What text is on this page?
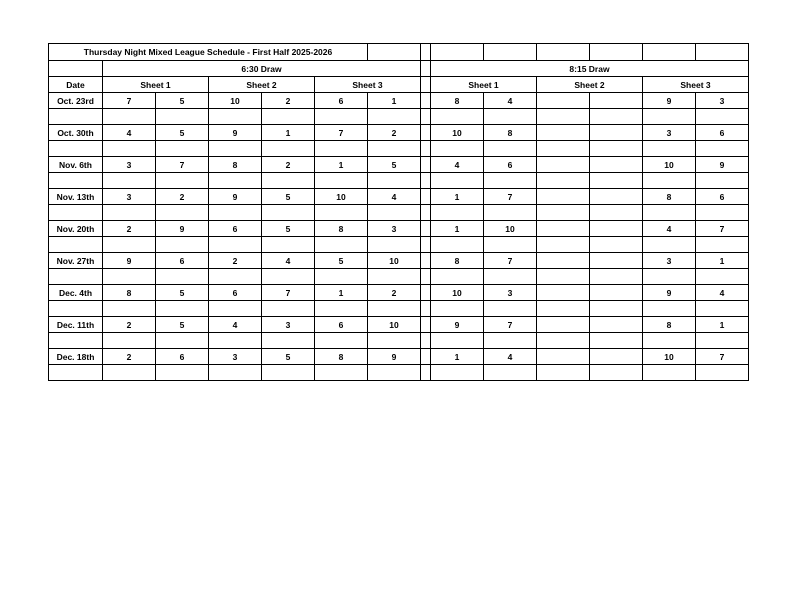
Thursday Night Mixed League Schedule - First Half 2025-2026													
	6:30 Draw							8:15 Draw					
Date	Sheet 1		Sheet 2		Sheet 3			Sheet 1		Sheet 2		Sheet 3	
Oct. 23rd	7	5	10	2	6	1		8	4			9	3

Oct. 30th	4	5	9	1	7	2		10	8			3	6

Nov. 6th	3	7	8	2	1	5		4	6			10	9

Nov. 13th	3	2	9	5	10	4		1	7			8	6

Nov. 20th	2	9	6	5	8	3		1	10			4	7

Nov. 27th	9	6	2	4	5	10		8	7			3	1

Dec. 4th	8	5	6	7	1	2		10	3			9	4

Dec. 11th	2	5	4	3	6	10		9	7			8	1

Dec. 18th	2	6	3	5	8	9		1	4			10	7
